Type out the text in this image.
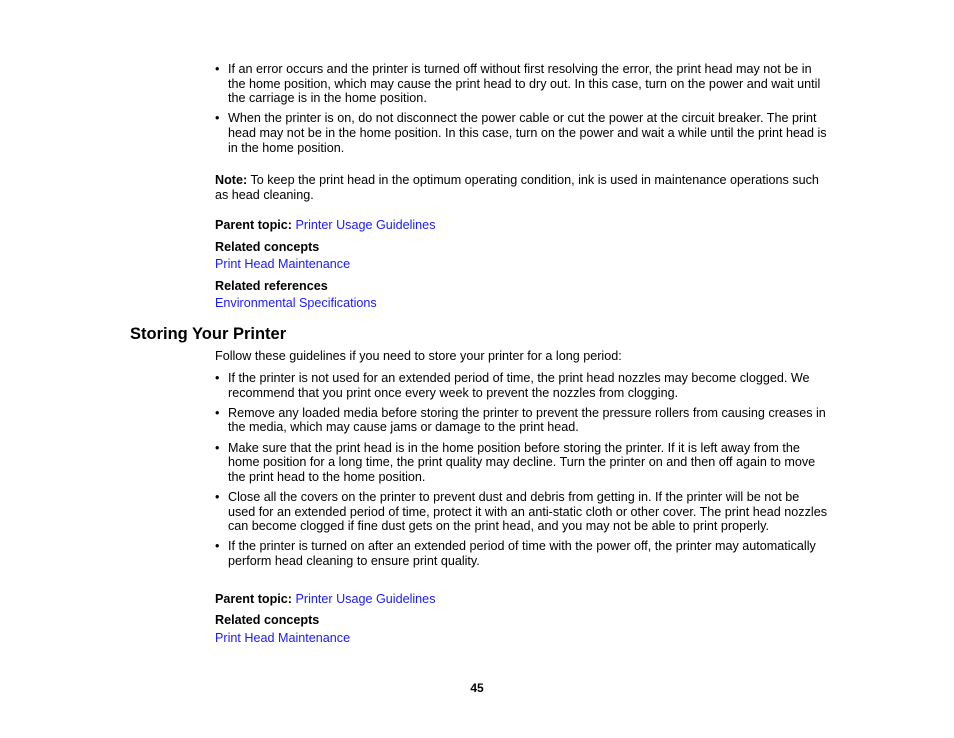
• If an error occurs and the printer is turned off without first resolving the error, the print head may not be in the home position, which may cause the print head to dry out. In this case, turn on the power and wait until the carriage is in the home position.
• When the printer is on, do not disconnect the power cable or cut the power at the circuit breaker. The print head may not be in the home position. In this case, turn on the power and wait a while until the print head is in the home position.

Note: To keep the print head in the optimum operating condition, ink is used in maintenance operations such as head cleaning.

Parent topic: Printer Usage Guidelines
Related concepts
Print Head Maintenance
Related references
Environmental Specifications
Storing Your Printer
Follow these guidelines if you need to store your printer for a long period:
• If the printer is not used for an extended period of time, the print head nozzles may become clogged. We recommend that you print once every week to prevent the nozzles from clogging.
• Remove any loaded media before storing the printer to prevent the pressure rollers from causing creases in the media, which may cause jams or damage to the print head.
• Make sure that the print head is in the home position before storing the printer. If it is left away from the home position for a long time, the print quality may decline. Turn the printer on and then off again to move the print head to the home position.
• Close all the covers on the printer to prevent dust and debris from getting in. If the printer will be not be used for an extended period of time, protect it with an anti-static cloth or other cover. The print head nozzles can become clogged if fine dust gets on the print head, and you may not be able to print properly.
• If the printer is turned on after an extended period of time with the power off, the printer may automatically perform head cleaning to ensure print quality.
Parent topic: Printer Usage Guidelines
Related concepts
Print Head Maintenance
45
